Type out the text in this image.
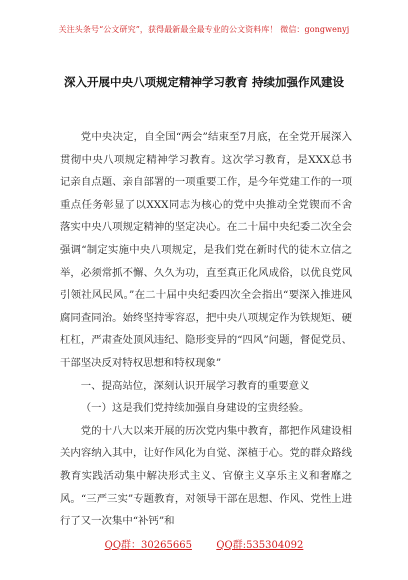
关注头条号“公文研究”，获得最新最全最专业的公文资料库！ 微信：gongwenyj
深入开展中央八项规定精神学习教育 持续加强作风建设

党中央决定，自全国“两会”结束至7月底，在全党开展深入贯彻中央八项规定精神学习教育。这次学习教育，是XXX总书记亲自点题、亲自部署的一项重要工作，是今年党建工作的一项重点任务彰显了以XXX同志为核心的党中央推动全党锲而不舍落实中央八项规定精神的坚定决心。在二十届中央纪委二次全会强调“制定实施中央八项规定，是我们党在新时代的徒木立信之举，必须常抓不懈、久久为功，直至真正化风成俗，以优良党风引领社风民风。”在二十届中央纪委四次全会指出“要深入推进风腐同查同治。始终坚持零容忍，把中央八项规定作为铁规矩、硬杠杠，严肃查处顶风违纪、隐形变异的“四风”问题，督促党员、干部坚决反对特权思想和特权现象”

一、提高站位，深刻认识开展学习教育的重要意义

（一）这是我们党持续加强自身建设的宝贵经验。

党的十八大以来开展的历次党内集中教育，都把作风建设相关内容纳入其中，让好作风化为自觉、深植于心。党的群众路线教育实践活动集中解决形式主义、官僚主义享乐主义和奢靡之风。“三严三实”专题教育，对领导干部在思想、作风、党性上进行了又一次集中“补钙”和

QQ群：30265665 QQ群:535304092
